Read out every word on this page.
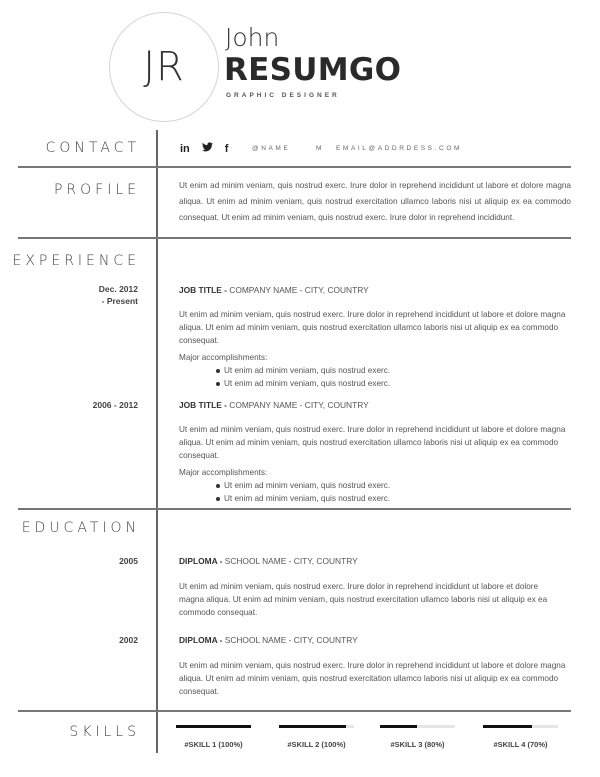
JR
John
RESUMGO
GRAPHIC DESIGNER
CONTACT	in	f	@NAME	M EMAIL@ADDRDESS.COM
PROFILE	Ut enim ad minim veniam, quis nostrud exerc. Irure dolor in reprehend incididunt ut labore et dolore magna aliqua. Ut enim ad minim veniam, quis nostrud exercitation ullamco laboris nisi ut aliquip ex ea commodo consequat. Ut enim ad minim veniam, quis nostrud exerc. Irure dolor in reprehend incididunt.
EXPERIENCE
Dec. 2012
- Present
JOB TITLE - COMPANY NAME - CITY, COUNTRY
Ut enim ad minim veniam, quis nostrud exerc. Irure dolor in reprehend incididunt ut labore et dolore magna aliqua. Ut enim ad minim veniam, quis nostrud exercitation ullamco laboris nisi ut aliquip ex ea commodo consequat.
Major accomplishments:
Ut enim ad minim veniam, quis nostrud exerc.
Ut enim ad minim veniam, quis nostrud exerc.
2006 - 2012	JOB TITLE - COMPANY NAME - CITY, COUNTRY
Ut enim ad minim veniam, quis nostrud exerc. Irure dolor in reprehend incididunt ut labore et dolore magna aliqua. Ut enim ad minim veniam, quis nostrud exercitation ullamco laboris nisi ut aliquip ex ea commodo consequat.
Major accomplishments:
Ut enim ad minim veniam, quis nostrud exerc.
Ut enim ad minim veniam, quis nostrud exerc.
EDUCATION
2005	DIPLOMA - SCHOOL NAME - CITY, COUNTRY
Ut enim ad minim veniam, quis nostrud exerc. Irure dolor in reprehend incididunt ut labore et dolore magna aliqua. Ut enim ad minim veniam, quis nostrud exercitation ullamco laboris nisi ut aliquip ex ea commodo consequat.
2002	DIPLOMA - SCHOOL NAME - CITY, COUNTRY
Ut enim ad minim veniam, quis nostrud exerc. Irure dolor in reprehend incididunt ut labore et dolore magna aliqua. Ut enim ad minim veniam, quis nostrud exercitation ullamco laboris nisi ut aliquip ex ea commodo consequat.
SKILLS
#SKILL 1 (100%)	#SKILL 2 (100%)	#SKILL 3 (80%)	#SKILL 4 (70%)
